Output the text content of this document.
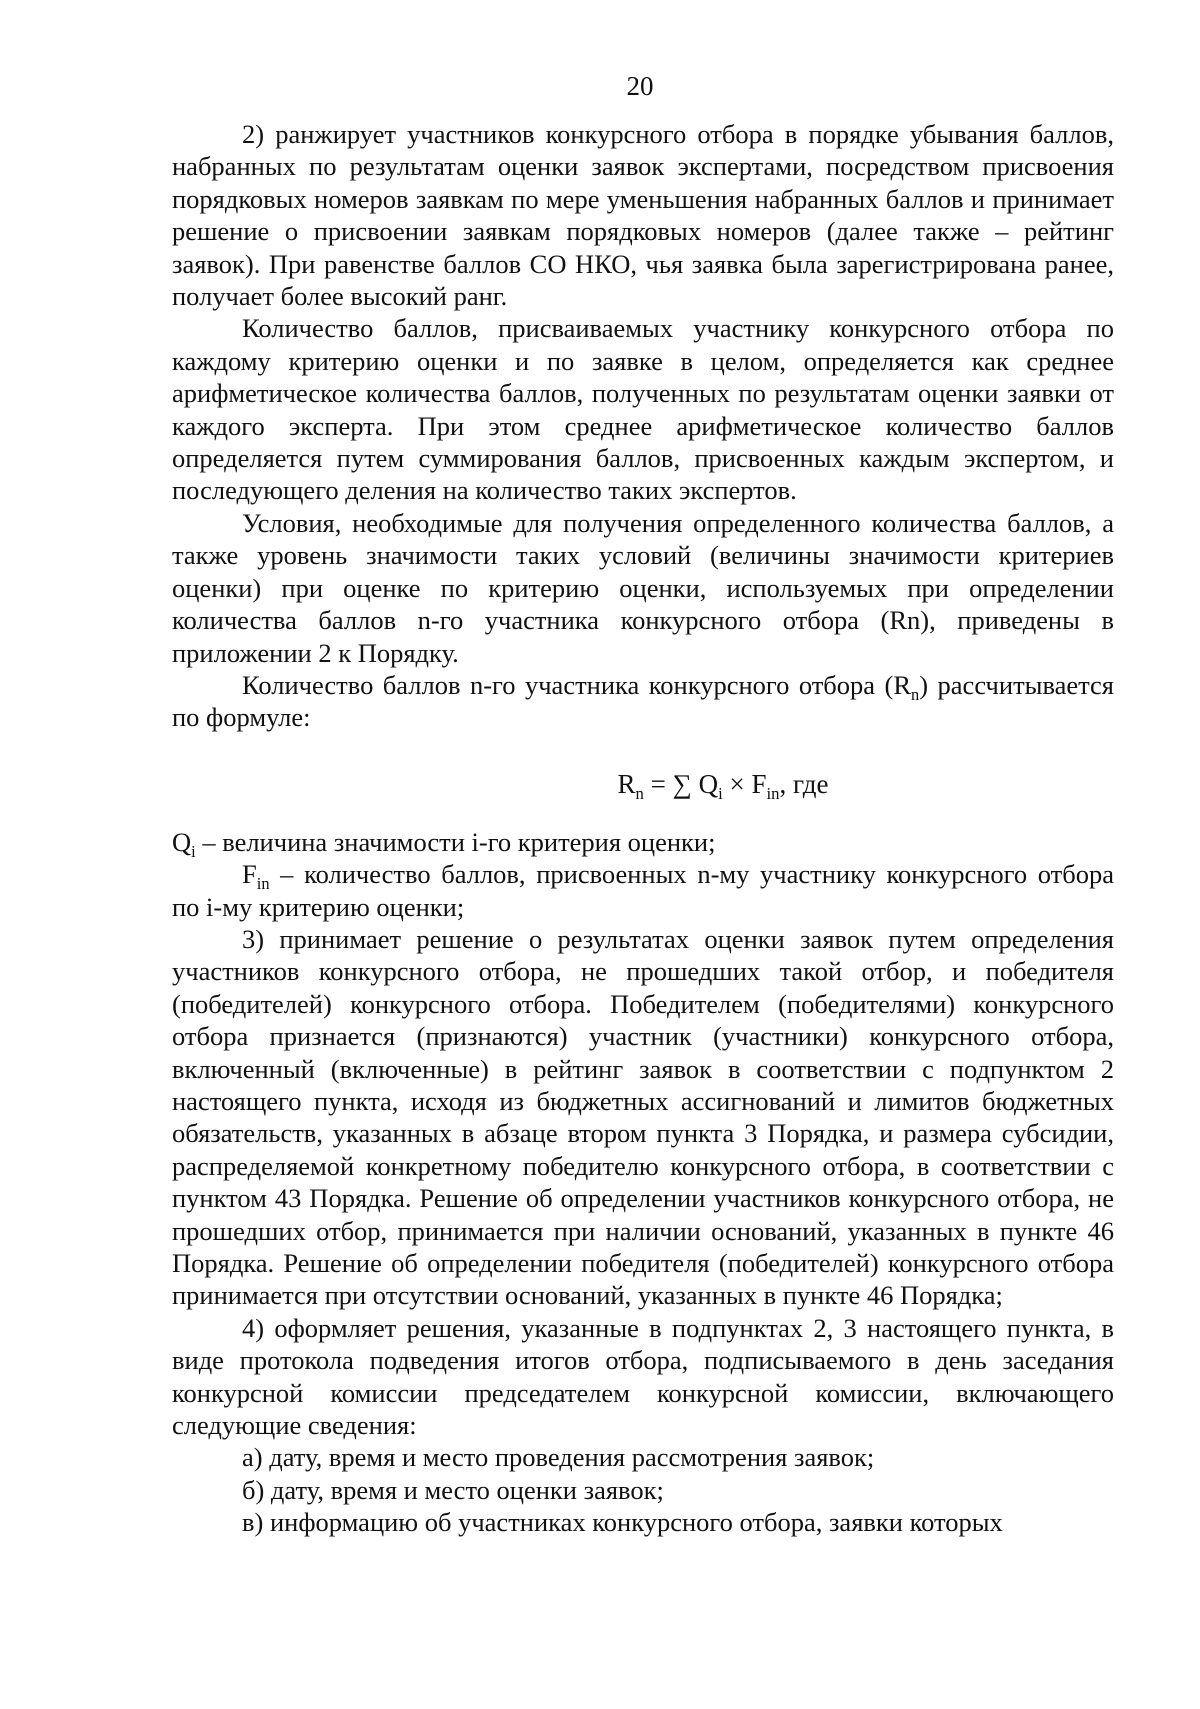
20

2) ранжирует участников конкурсного отбора в порядке убывания баллов, набранных по результатам оценки заявок экспертами, посредством присвоения порядковых номеров заявкам по мере уменьшения набранных баллов и принимает решение о присвоении заявкам порядковых номеров (далее также – рейтинг заявок). При равенстве баллов СО НКО, чья заявка была зарегистрирована ранее, получает более высокий ранг.

Количество баллов, присваиваемых участнику конкурсного отбора по каждому критерию оценки и по заявке в целом, определяется как среднее арифметическое количества баллов, полученных по результатам оценки заявки от каждого эксперта. При этом среднее арифметическое количество баллов определяется путем суммирования баллов, присвоенных каждым экспертом, и последующего деления на количество таких экспертов.

Условия, необходимые для получения определенного количества баллов, а также уровень значимости таких условий (величины значимости критериев оценки) при оценке по критерию оценки, используемых при определении количества баллов n-го участника конкурсного отбора (Rn), приведены в приложении 2 к Порядку.

Количество баллов n-го участника конкурсного отбора $(R_n)$ рассчитывается по формуле:

$R_n$ = ∑ $Q_i \times F_{in}$, где

$Q_i$ – величина значимости i-го критерия оценки;

$F_{in}$ – количество баллов, присвоенных n-му участнику конкурсного отбора по i-му критерию оценки;

3) принимает решение о результатах оценки заявок путем определения участников конкурсного отбора, не прошедших такой отбор, и победителя (победителей) конкурсного отбора. Победителем (победителями) конкурсного отбора признается (признаются) участник (участники) конкурсного отбора, включенный (включенные) в рейтинг заявок в соответствии с подпунктом 2 настоящего пункта, исходя из бюджетных ассигнований и лимитов бюджетных обязательств, указанных в абзаце втором пункта 3 Порядка, и размера субсидии, распределяемой конкретному победителю конкурсного отбора, в соответствии с пунктом 43 Порядка. Решение об определении участников конкурсного отбора, не прошедших отбор, принимается при наличии оснований, указанных в пункте 46 Порядка. Решение об определении победителя (победителей) конкурсного отбора принимается при отсутствии оснований, указанных в пункте 46 Порядка;

4) оформляет решения, указанные в подпунктах 2, 3 настоящего пункта, в виде протокола подведения итогов отбора, подписываемого в день заседания конкурсной комиссии председателем конкурсной комиссии, включающего следующие сведения:

а) дату, время и место проведения рассмотрения заявок;

б) дату, время и место оценки заявок;

в) информацию об участниках конкурсного отбора, заявки которых
